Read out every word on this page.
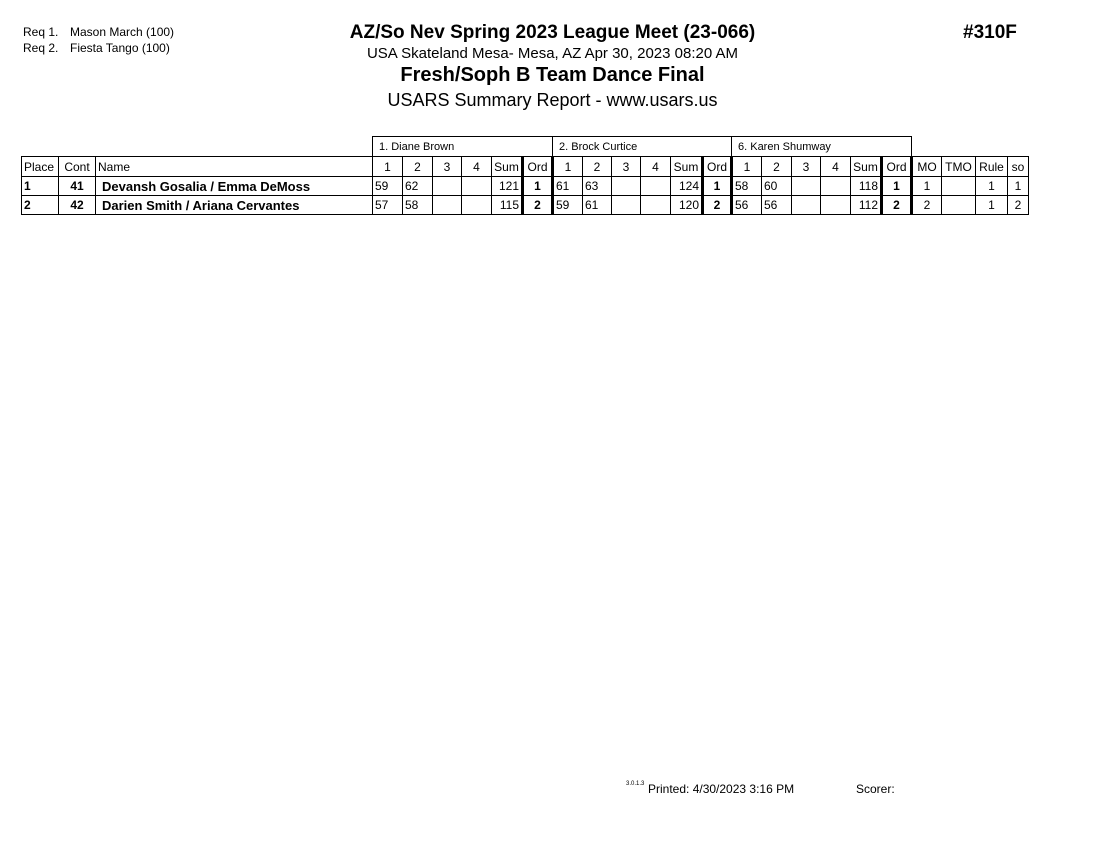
Req 1. Mason March (100)
Req 2. Fiesta Tango (100)
AZ/So Nev Spring 2023 League Meet (23-066)
USA Skateland Mesa- Mesa, AZ Apr 30, 2023 08:20 AM
Fresh/Soph B Team Dance Final
USARS Summary Report - www.usars.us
#310F
			1. Diane Brown						2. Brock Curtice						6. Karen Shumway									
Place	Cont	Name	1	2	3	4	Sum	Ord	1	2	3	4	Sum	Ord	1	2	3	4	Sum	Ord	MO	TMO	Rule	so
1	41	Devansh Gosalia / Emma DeMoss	59	62			121	1	61	63			124	1	58	60			118	1	1		1	1
2	42	Darien Smith / Ariana Cervantes	57	58			115	2	59	61			120	2	56	56			112	2	2		1	2
3.0.1.3 Printed: 4/30/2023 3:16 PM	Scorer:
